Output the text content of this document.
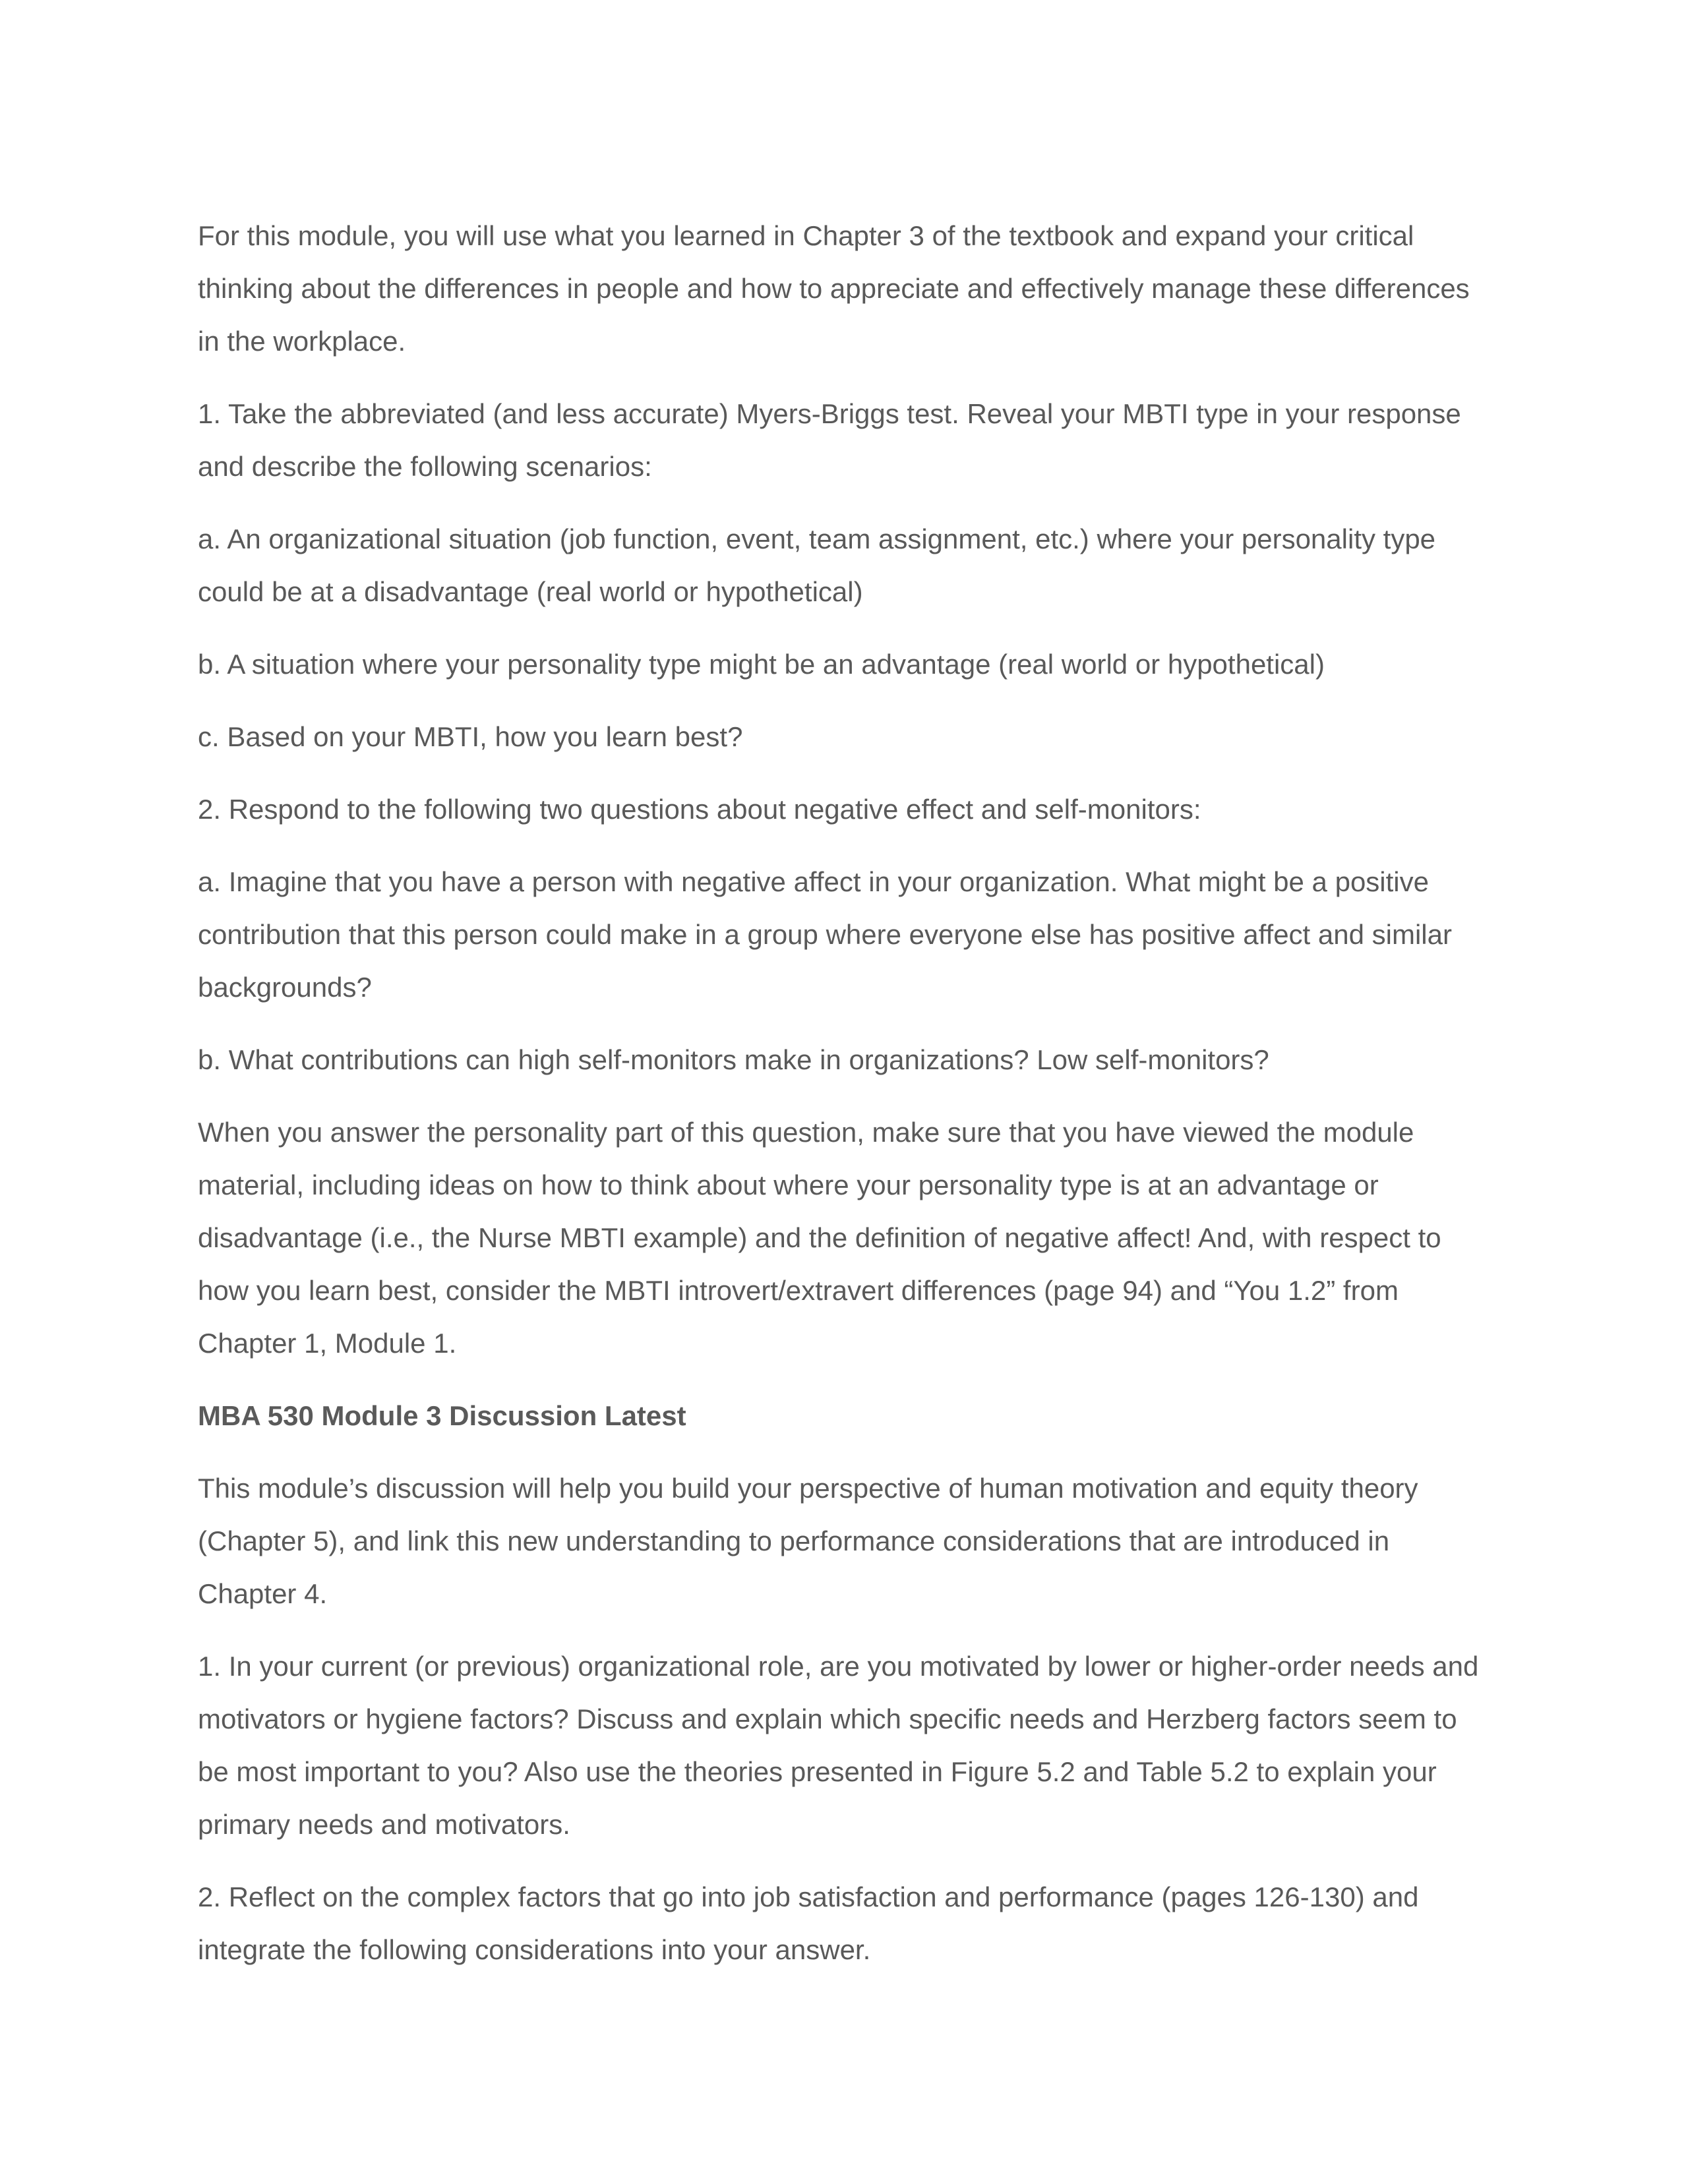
For this module, you will use what you learned in Chapter 3 of the textbook and expand your critical thinking about the differences in people and how to appreciate and effectively manage these differences in the workplace.

1. Take the abbreviated (and less accurate) Myers-Briggs test. Reveal your MBTI type in your response and describe the following scenarios:

a. An organizational situation (job function, event, team assignment, etc.) where your personality type could be at a disadvantage (real world or hypothetical)

b. A situation where your personality type might be an advantage (real world or hypothetical)

c. Based on your MBTI, how you learn best?

2. Respond to the following two questions about negative effect and self-monitors:

a. Imagine that you have a person with negative affect in your organization. What might be a positive contribution that this person could make in a group where everyone else has positive affect and similar backgrounds?

b. What contributions can high self-monitors make in organizations? Low self-monitors?

When you answer the personality part of this question, make sure that you have viewed the module material, including ideas on how to think about where your personality type is at an advantage or disadvantage (i.e., the Nurse MBTI example) and the definition of negative affect! And, with respect to how you learn best, consider the MBTI introvert/extravert differences (page 94) and “You 1.2” from Chapter 1, Module 1.

MBA 530 Module 3 Discussion Latest

This module’s discussion will help you build your perspective of human motivation and equity theory (Chapter 5), and link this new understanding to performance considerations that are introduced in Chapter 4.

1. In your current (or previous) organizational role, are you motivated by lower or higher-order needs and motivators or hygiene factors? Discuss and explain which specific needs and Herzberg factors seem to be most important to you? Also use the theories presented in Figure 5.2 and Table 5.2 to explain your primary needs and motivators.

2. Reflect on the complex factors that go into job satisfaction and performance (pages 126-130) and integrate the following considerations into your answer.
